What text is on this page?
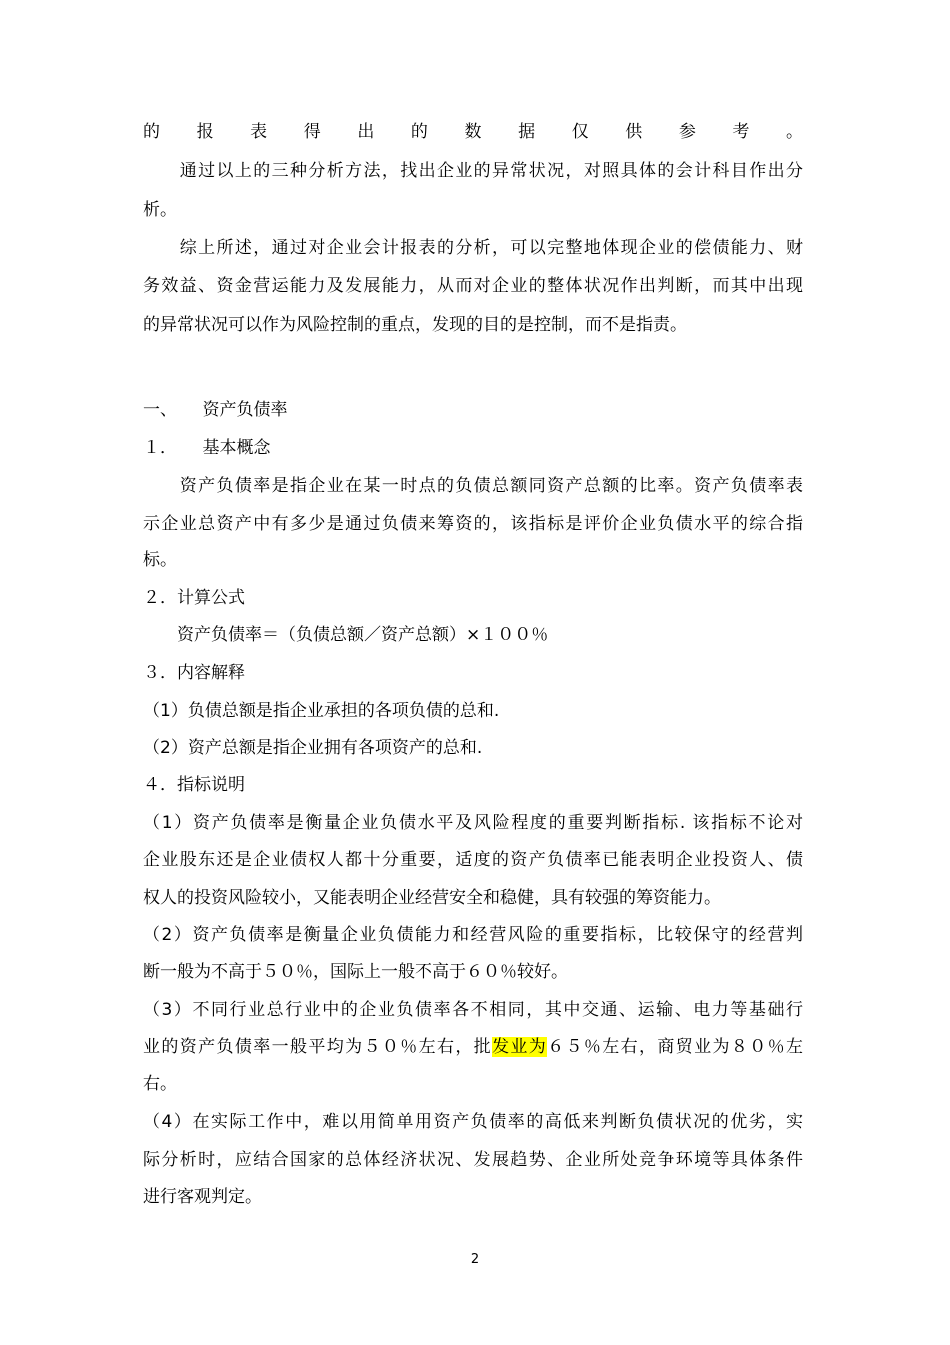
的报表得出的数据仅供参考。
　　通过以上的三种分析方法，找出企业的异常状况，对照具体的会计科目作出分
析。
　　综上所述，通过对企业会计报表的分析，可以完整地体现企业的偿债能力、财
务效益、资金营运能力及发展能力，从而对企业的整体状况作出判断，而其中出现
的异常状况可以作为风险控制的重点，发现的目的是控制，而不是指责。
一、　　资产负债率
１．　　基本概念
　　资产负债率是指企业在某一时点的负债总额同资产总额的比率。资产负债率表
示企业总资产中有多少是通过负债来筹资的，该指标是评价企业负债水平的综合指
标。
２．计算公式
　　资产负债率＝（负债总额／资产总额）×１００％
３．内容解释
（1）负债总额是指企业承担的各项负债的总和.
（2）资产总额是指企业拥有各项资产的总和.
４．指标说明
（1）资产负债率是衡量企业负债水平及风险程度的重要判断指标. 该指标不论对
企业股东还是企业债权人都十分重要，适度的资产负债率已能表明企业投资人、债
权人的投资风险较小，又能表明企业经营安全和稳健，具有较强的筹资能力。
（2）资产负债率是衡量企业负债能力和经营风险的重要指标，比较保守的经营判
断一般为不高于５０％，国际上一般不高于６０％较好。
（3）不同行业总行业中的企业负债率各不相同，其中交通、运输、电力等基础行
业的资产负债率一般平均为５０％左右，批发业为６５％左右，商贸业为８０％左
右。
（4）在实际工作中，难以用简单用资产负债率的高低来判断负债状况的优劣，实
际分析时，应结合国家的总体经济状况、发展趋势、企业所处竞争环境等具体条件
进行客观判定。
2
